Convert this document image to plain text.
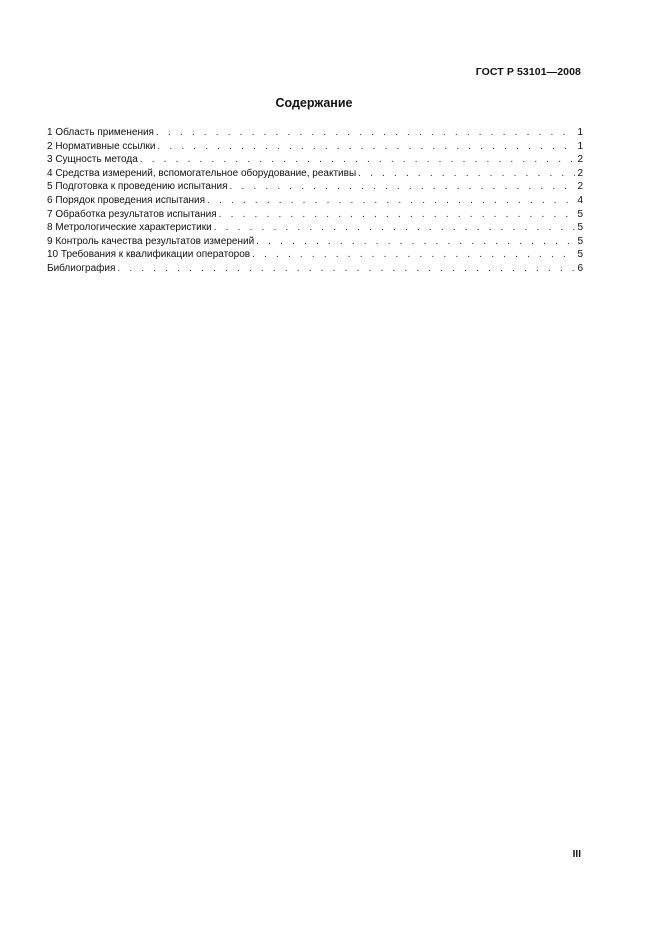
ГОСТ Р 53101—2008
Содержание
1 Область применения . . .	1
2 Нормативные ссылки . . .	1
3 Сущность метода . . .	2
4 Средства измерений, вспомогательное оборудование, реактивы . . .	2
5 Подготовка к проведению испытания . . .	2
6 Порядок проведения испытания . . .	4
7 Обработка результатов испытания . . .	5
8 Метрологические характеристики . . .	5
9 Контроль качества результатов измерений . . .	5
10 Требования к квалификации операторов . . .	5
Библиография . . .	6
III
